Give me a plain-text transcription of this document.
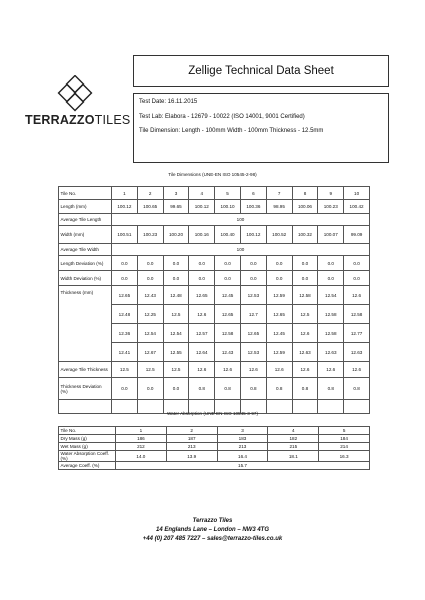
TERRAZZOTILES
Zellige Technical Data Sheet
Test Date: 16.11.2015
Test Lab: Elabora - 12679 - 10022 (ISO 14001, 9001 Certified)
Tile Dimension: Length - 100mm Width - 100mm Thickness - 12.5mm
Tile Dimensions (UNE-EN ISO 10545-2-98)
Tile No.	1	2	3	4	5	6	7	8	9	10
Length (mm)	100.12	100.65	99.65	100.12	100.10	100.36	98.95	100.06	100.23	100.42
Average Tile Length	100									
Width (mm)	100.51	100.23	100.20	100.16	100.40	100.12	100.52	100.32	100.07	99.09
Average Tile Width	100									
Length Deviation (%)	0.0	0.0	0.0	0.0	0.0	0.0	0.0	0.0	0.0	0.0
Width Deviation (%)	0.0	0.0	0.0	0.0	0.0	0.0	0.0	0.0	0.0	0.0
Thickness (mm)	12.65	12.43	12.48	12.65	12.45	12.53	12.59	12.58	12.54	12.6
	12.48	12.25	12.5	12.6	12.65	12.7	12.65	12.5	12.58	12.58
	12.36	12.54	12.54	12.57	12.58	12.65	12.45	12.6	12.58	12.77
	12.41	12.67	12.55	12.64	12.43	12.53	12.59	12.63	12.63	12.63
Average Tile Thickness	12.5	12.5	12.5	12.6	12.6	12.6	12.6	12.6	12.6	12.6
Thickness Deviation (%)	0.0	0.0	0.0	0.8	0.8	0.8	0.8	0.8	0.8	0.8

Water Absorption (UNE-EN ISO 10545-3-97)
Tile No.	1	2	3	4	5
Dry Mass (g)	186	187	183	182	184
Wet Mass (g)	212	213	213	215	214
Water Absorption Coeff. (%)	14.0	13.9	16.4	18.1	16.3
Average Coeff. (%)	15.7				
Terrazzo Tiles
14 Englands Lane – London – NW3 4TG
+44 (0) 207 485 7227 – sales@terrazzo-tiles.co.uk
